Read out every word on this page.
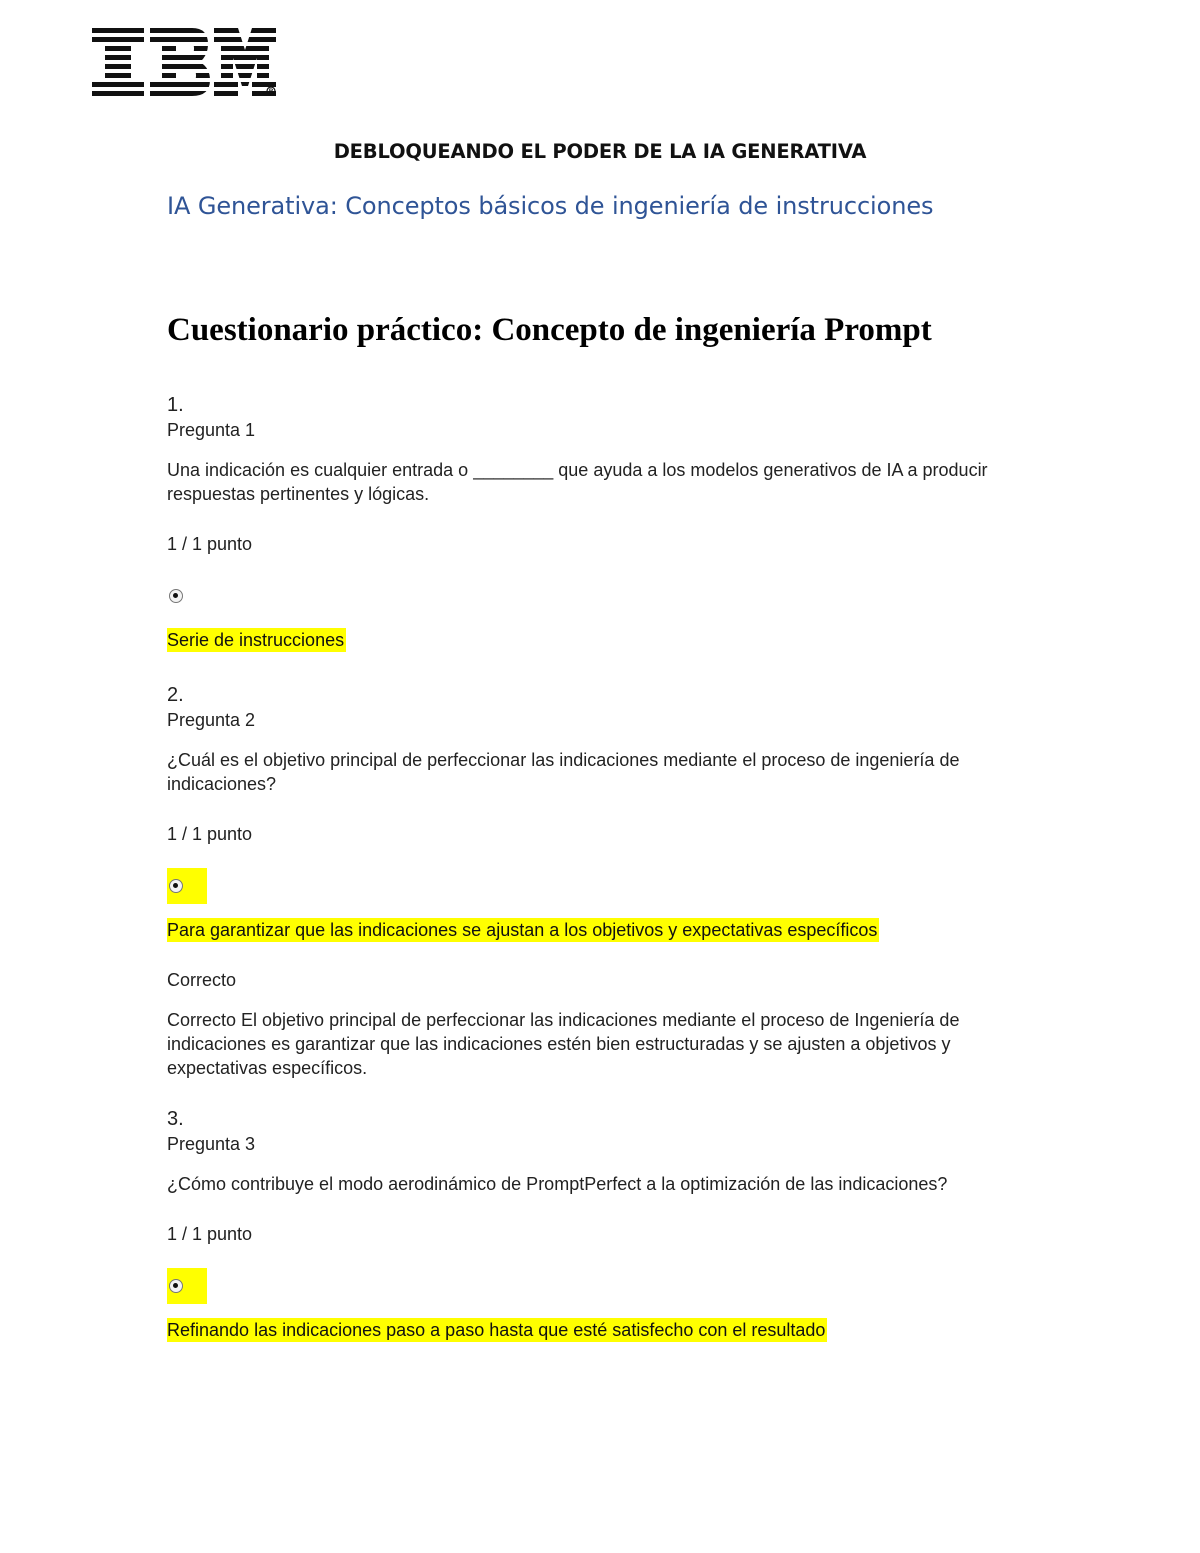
R
DEBLOQUEANDO EL PODER DE LA IA GENERATIVA
IA Generativa: Conceptos básicos de ingeniería de instrucciones
Cuestionario práctico: Concepto de ingeniería Prompt
1.
Pregunta 1
Una indicación es cualquier entrada o ________ que ayuda a los modelos generativos de IA a producir respuestas pertinentes y lógicas.
1 / 1 punto
Serie de instrucciones
2.
Pregunta 2
¿Cuál es el objetivo principal de perfeccionar las indicaciones mediante el proceso de ingeniería de indicaciones?
1 / 1 punto
Para garantizar que las indicaciones se ajustan a los objetivos y expectativas específicos
Correcto
Correcto El objetivo principal de perfeccionar las indicaciones mediante el proceso de Ingeniería de indicaciones es garantizar que las indicaciones estén bien estructuradas y se ajusten a objetivos y expectativas específicos.
3.
Pregunta 3
¿Cómo contribuye el modo aerodinámico de PromptPerfect a la optimización de las indicaciones?
1 / 1 punto
Refinando las indicaciones paso a paso hasta que esté satisfecho con el resultado
